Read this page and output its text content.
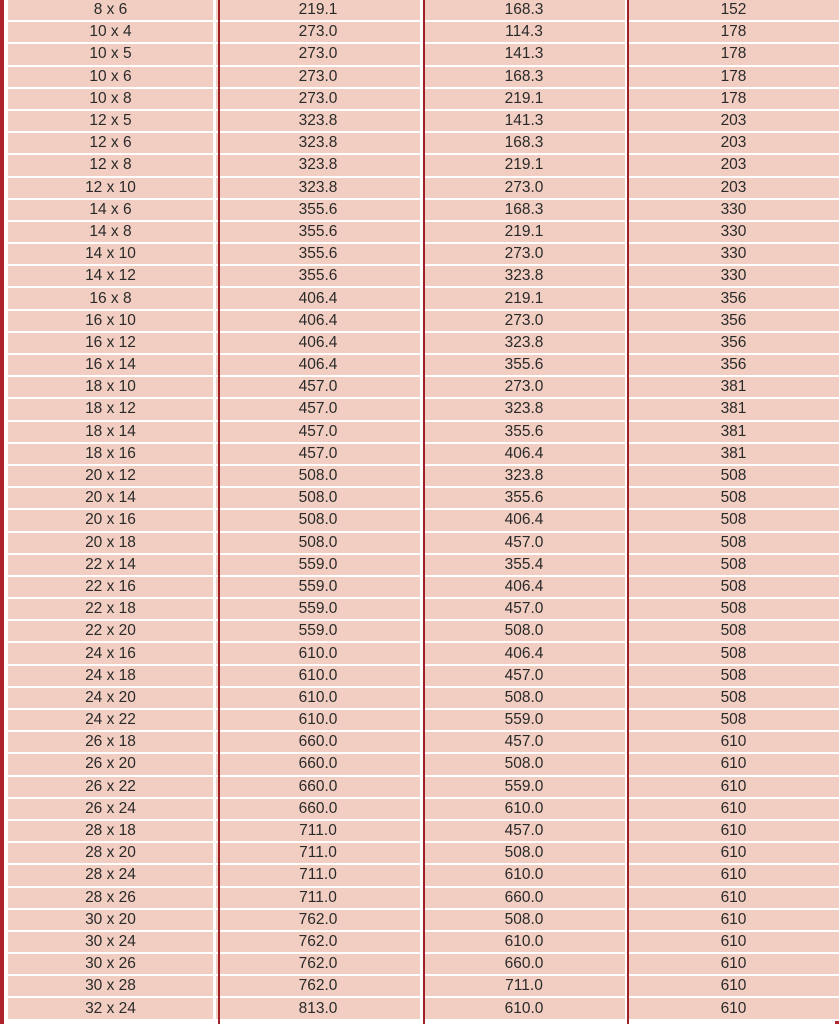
8 x 6	219.1	168.3	152
10 x 4	273.0	114.3	178
10 x 5	273.0	141.3	178
10 x 6	273.0	168.3	178
10 x 8	273.0	219.1	178
12 x 5	323.8	141.3	203
12 x 6	323.8	168.3	203
12 x 8	323.8	219.1	203
12 x 10	323.8	273.0	203
14 x 6	355.6	168.3	330
14 x 8	355.6	219.1	330
14 x 10	355.6	273.0	330
14 x 12	355.6	323.8	330
16 x 8	406.4	219.1	356
16 x 10	406.4	273.0	356
16 x 12	406.4	323.8	356
16 x 14	406.4	355.6	356
18 x 10	457.0	273.0	381
18 x 12	457.0	323.8	381
18 x 14	457.0	355.6	381
18 x 16	457.0	406.4	381
20 x 12	508.0	323.8	508
20 x 14	508.0	355.6	508
20 x 16	508.0	406.4	508
20 x 18	508.0	457.0	508
22 x 14	559.0	355.4	508
22 x 16	559.0	406.4	508
22 x 18	559.0	457.0	508
22 x 20	559.0	508.0	508
24 x 16	610.0	406.4	508
24 x 18	610.0	457.0	508
24 x 20	610.0	508.0	508
24 x 22	610.0	559.0	508
26 x 18	660.0	457.0	610
26 x 20	660.0	508.0	610
26 x 22	660.0	559.0	610
26 x 24	660.0	610.0	610
28 x 18	711.0	457.0	610
28 x 20	711.0	508.0	610
28 x 24	711.0	610.0	610
28 x 26	711.0	660.0	610
30 x 20	762.0	508.0	610
30 x 24	762.0	610.0	610
30 x 26	762.0	660.0	610
30 x 28	762.0	711.0	610
32 x 24	813.0	610.0	610
